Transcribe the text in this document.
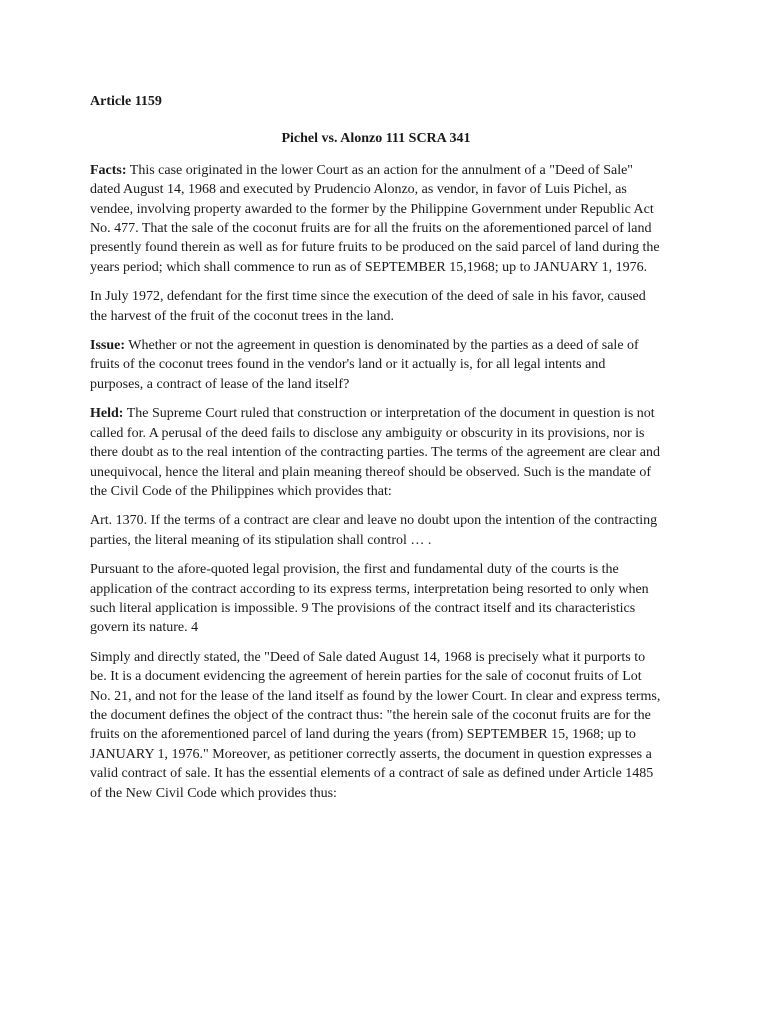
Article 1159
Pichel vs. Alonzo 111 SCRA 341

Facts: This case originated in the lower Court as an action for the annulment of a "Deed of Sale" dated August 14, 1968 and executed by Prudencio Alonzo, as vendor, in favor of Luis Pichel, as vendee, involving property awarded to the former by the Philippine Government under Republic Act No. 477. That the sale of the coconut fruits are for all the fruits on the aforementioned parcel of land presently found therein as well as for future fruits to be produced on the said parcel of land during the years period; which shall commence to run as of SEPTEMBER 15,1968; up to JANUARY 1, 1976.

In July 1972, defendant for the first time since the execution of the deed of sale in his favor, caused the harvest of the fruit of the coconut trees in the land.

Issue: Whether or not the agreement in question is denominated by the parties as a deed of sale of fruits of the coconut trees found in the vendor's land or it actually is, for all legal intents and purposes, a contract of lease of the land itself?

Held: The Supreme Court ruled that construction or interpretation of the document in question is not called for. A perusal of the deed fails to disclose any ambiguity or obscurity in its provisions, nor is there doubt as to the real intention of the contracting parties. The terms of the agreement are clear and unequivocal, hence the literal and plain meaning thereof should be observed. Such is the mandate of the Civil Code of the Philippines which provides that:

Art. 1370. If the terms of a contract are clear and leave no doubt upon the intention of the contracting parties, the literal meaning of its stipulation shall control … .

Pursuant to the afore-quoted legal provision, the first and fundamental duty of the courts is the application of the contract according to its express terms, interpretation being resorted to only when such literal application is impossible. 9 The provisions of the contract itself and its characteristics govern its nature. 4

Simply and directly stated, the "Deed of Sale dated August 14, 1968 is precisely what it purports to be. It is a document evidencing the agreement of herein parties for the sale of coconut fruits of Lot No. 21, and not for the lease of the land itself as found by the lower Court. In clear and express terms, the document defines the object of the contract thus: "the herein sale of the coconut fruits are for the fruits on the aforementioned parcel of land during the years (from) SEPTEMBER 15, 1968; up to JANUARY 1, 1976." Moreover, as petitioner correctly asserts, the document in question expresses a valid contract of sale. It has the essential elements of a contract of sale as defined under Article 1485 of the New Civil Code which provides thus:
